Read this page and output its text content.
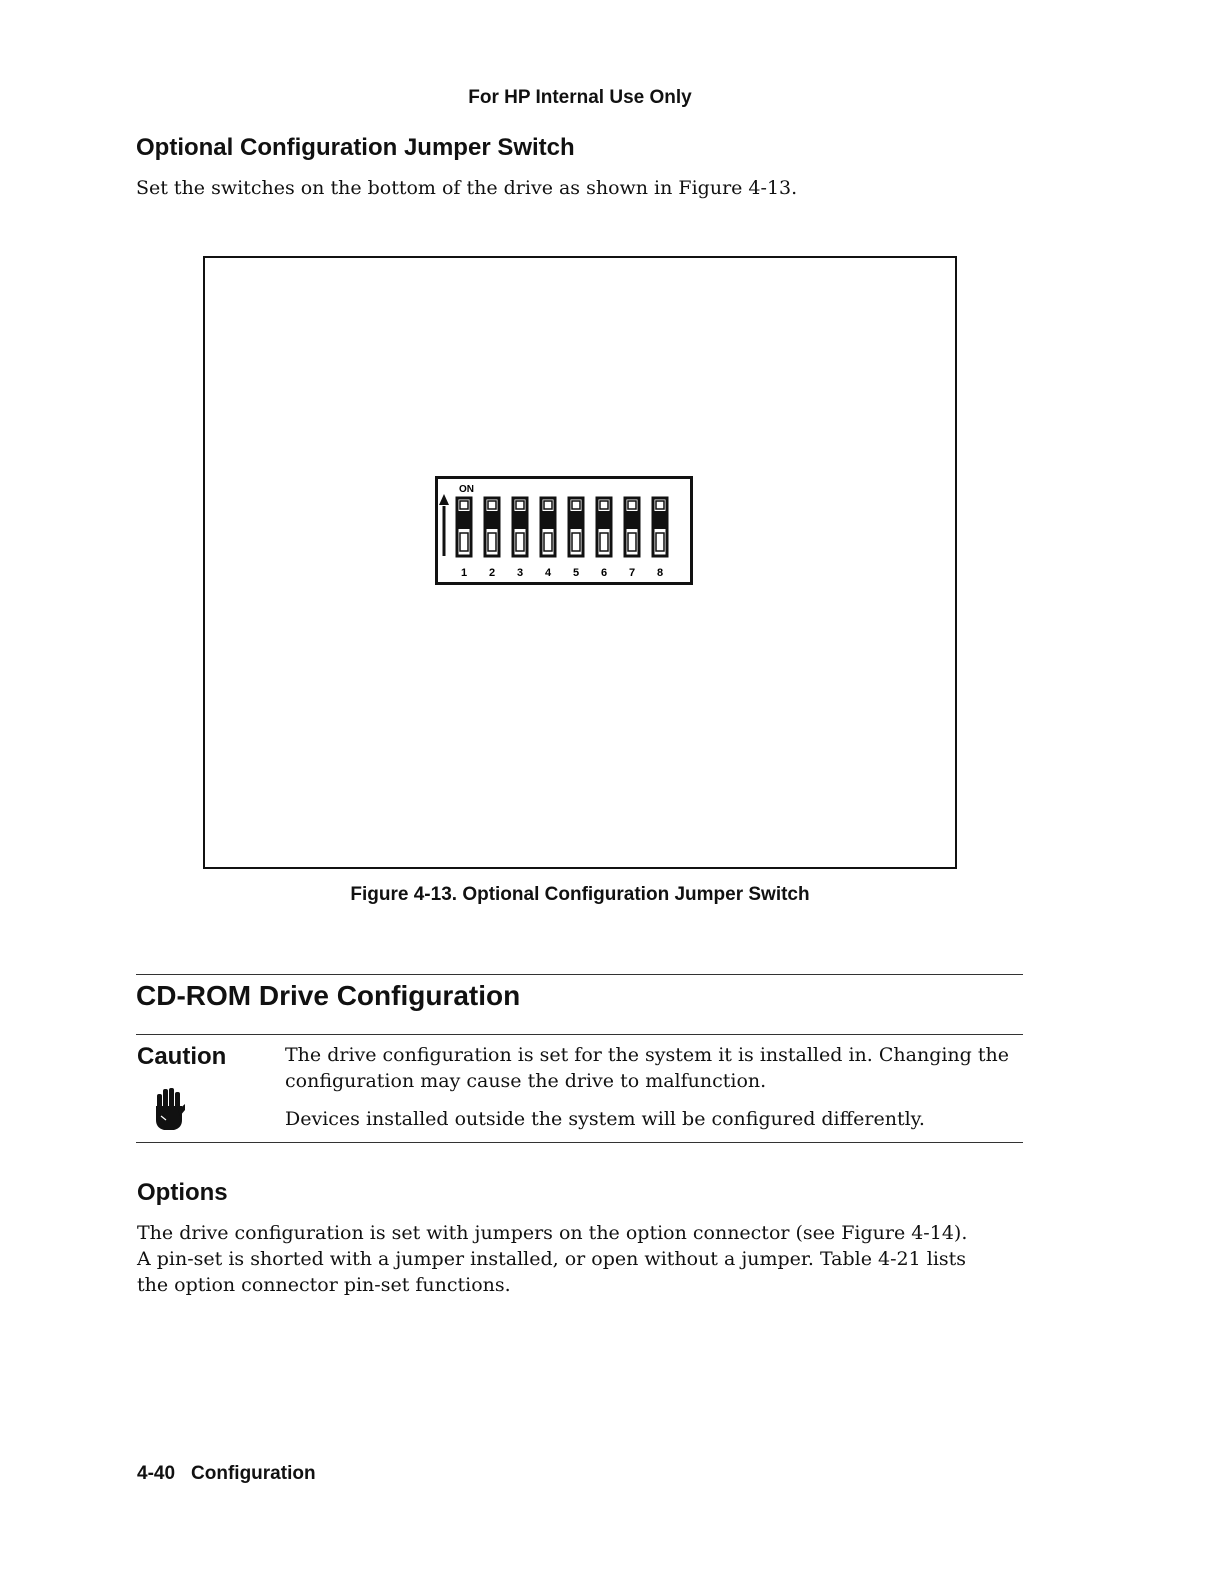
For HP Internal Use Only
Optional Configuration Jumper Switch
Set the switches on the bottom of the drive as shown in Figure 4-13.
ON
1 2 3 4 5 6 7 8
Figure 4-13. Optional Configuration Jumper Switch
CD-ROM Drive Configuration
Caution	The drive configuration is set for the system it is installed in. Changing the configuration may cause the drive to malfunction.
Devices installed outside the system will be configured differently.
Options
The drive configuration is set with jumpers on the option connector (see Figure 4-14). A pin-set is shorted with a jumper installed, or open without a jumper. Table 4-21 lists the option connector pin-set functions.
4-40 Configuration
